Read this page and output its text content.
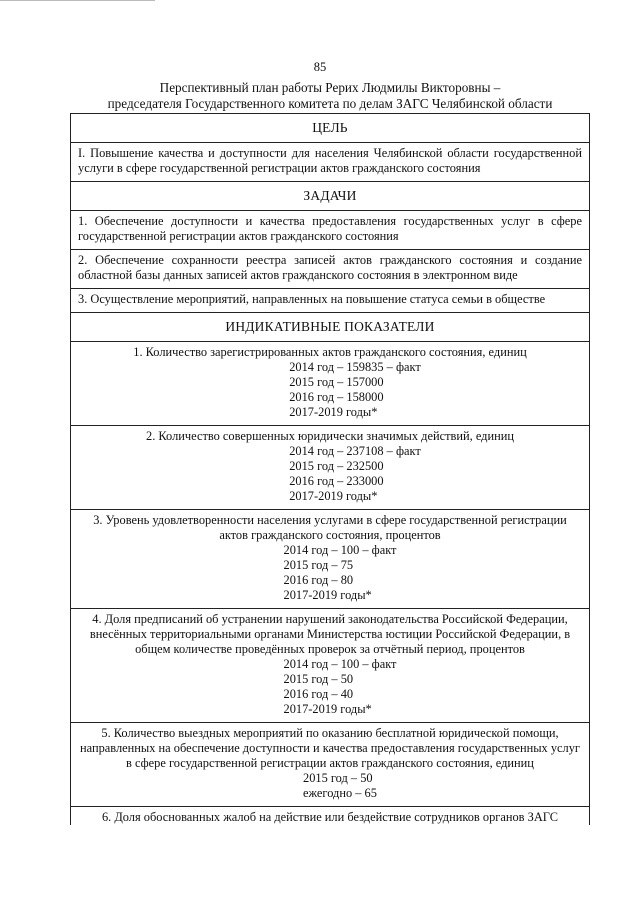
85
Перспективный план работы Рерих Людмилы Викторовны –
председателя Государственного комитета по делам ЗАГС Челябинской области
ЦЕЛЬ
I. Повышение качества и доступности для населения Челябинской области государственной услуги в сфере государственной регистрации актов гражданского состояния
ЗАДАЧИ
1. Обеспечение доступности и качества предоставления государственных услуг в сфере государственной регистрации актов гражданского состояния
2. Обеспечение сохранности реестра записей актов гражданского состояния и создание областной базы данных записей актов гражданского состояния в электронном виде
3. Осуществление мероприятий, направленных на повышение статуса семьи в обществе
ИНДИКАТИВНЫЕ ПОКАЗАТЕЛИ

1. Количество зарегистрированных актов гражданского состояния, единиц
2014 год – 159835 – факт
2015 год – 157000
2016 год – 158000
2017-2019 годы*

2. Количество совершенных юридически значимых действий, единиц
2014 год – 237108 – факт
2015 год – 232500
2016 год – 233000
2017-2019 годы*

3. Уровень удовлетворенности населения услугами в сфере государственной регистрации актов гражданского состояния, процентов
2014 год – 100 – факт
2015 год – 75
2016 год – 80
2017-2019 годы*

4. Доля предписаний об устранении нарушений законодательства Российской Федерации, внесённых территориальными органами Министерства юстиции Российской Федерации, в общем количестве проведённых проверок за отчётный период, процентов
2014 год – 100 – факт
2015 год – 50
2016 год – 40
2017-2019 годы*

5. Количество выездных мероприятий по оказанию бесплатной юридической помощи, направленных на обеспечение доступности и качества предоставления государственных услуг в сфере государственной регистрации актов гражданского состояния, единиц
2015 год – 50
ежегодно – 65

6. Доля обоснованных жалоб на действие или бездействие сотрудников органов ЗАГС
